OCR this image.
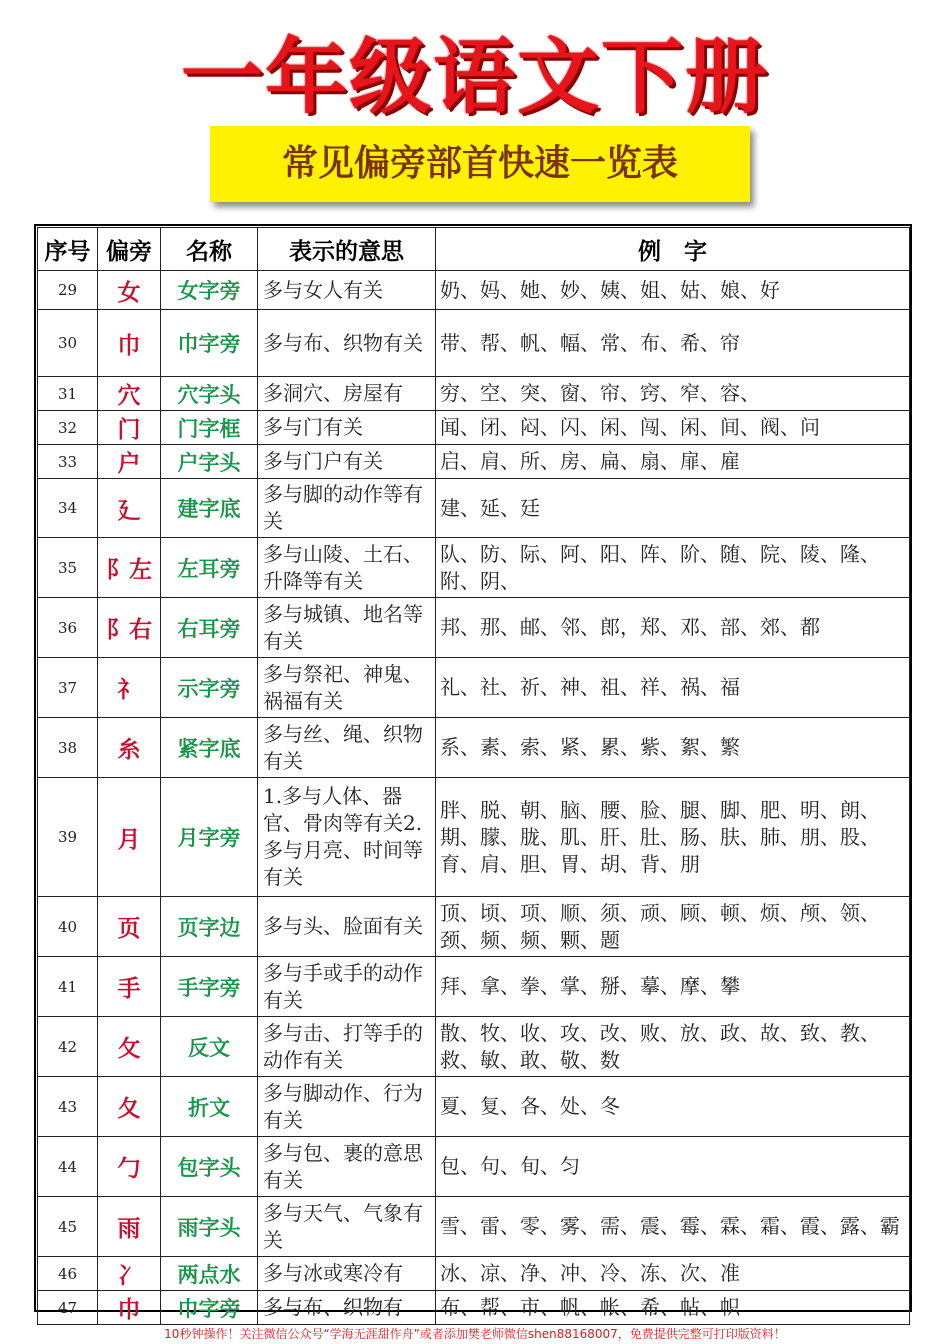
一年级语文下册
常见偏旁部首快速一览表
序号	偏旁	名称	表示的意思	例　字
29	女	女字旁	多与女人有关	奶、妈、她、妙、姨、姐、姑、娘、好
30	巾	巾字旁	多与布、织物有关	带、帮、帆、幅、常、布、希、帘
31	穴	穴字头	多洞穴、房屋有	穷、空、突、窗、帘、窍、窄、容、
32	门	门字框	多与门有关	闻、闭、闷、闪、闲、闯、闲、间、阀、问
33	户	户字头	多与门户有关	启、肩、所、房、扁、扇、扉、雇
34	廴	建字底	多与脚的动作等有关	建、延、廷
35	阝左	左耳旁	多与山陵、土石、升降等有关	队、防、际、阿、阳、阵、阶、随、院、陵、隆、附、阴、
36	阝右	右耳旁	多与城镇、地名等有关	邦、那、邮、邻、郎，郑、邓、部、郊、都
37	礻	示字旁	多与祭祀、神鬼、祸福有关	礼、社、祈、神、祖、祥、祸、福
38	糸	紧字底	多与丝、绳、织物有关	系、素、索、紧、累、紫、絮、繁
39	月	月字旁	1.多与人体、器官、骨肉等有关2.多与月亮、时间等有关	胖、脱、朝、脑、腰、脸、腿、脚、肥、明、朗、期、朦、胧、肌、肝、肚、肠、肤、肺、朋、股、育、肩、胆、胃、胡、背、朋
40	页	页字边	多与头、脸面有关	顶、顷、项、顺、须、顽、顾、顿、烦、颅、领、颈、频、频、颗、题
41	手	手字旁	多与手或手的动作有关	拜、拿、拳、掌、掰、摹、摩、攀
42	攵	反文	多与击、打等手的动作有关	散、牧、收、攻、改、败、放、政、故、致、教、救、敏、敢、敬、数
43	夂	折文	多与脚动作、行为有关	夏、复、各、处、冬
44	勹	包字头	多与包、裹的意思有关	包、句、旬、匀
45	雨	雨字头	多与天气、气象有关	雪、雷、零、雾、需、震、霉、霖、霜、霞、露、霸
46	冫	两点水	多与冰或寒冷有	冰、凉、净、冲、冷、冻、次、准
47	巾	巾字旁	多与布、织物有	布、帮、市、帆、帐、希、帖、帜
10秒钟操作！关注微信公众号“学海无涯甜作舟”或者添加樊老师微信shen88168007，免费提供完整可打印版资料！
